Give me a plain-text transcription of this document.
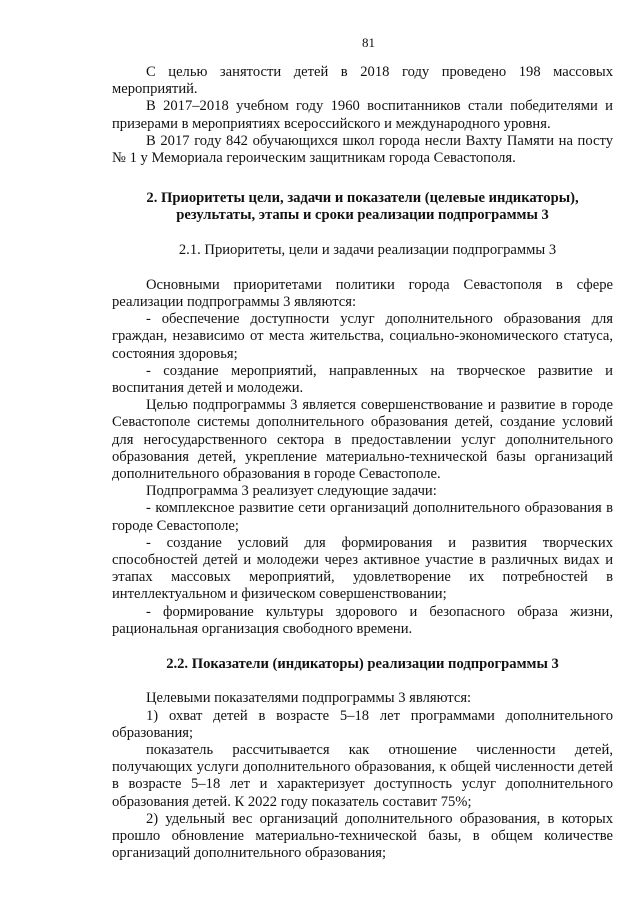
81

С целью занятости детей в 2018 году проведено 198 массовых мероприятий.

В 2017–2018 учебном году 1960 воспитанников стали победителями и призерами в мероприятиях всероссийского и международного уровня.

В 2017 году 842 обучающихся школ города несли Вахту Памяти на посту № 1 у Мемориала героическим защитникам города Севастополя.

2. Приоритеты цели, задачи и показатели (целевые индикаторы), результаты, этапы и сроки реализации подпрограммы 3
2.1. Приоритеты, цели и задачи реализации подпрограммы 3

Основными приоритетами политики города Севастополя в сфере реализации подпрограммы 3 являются:

- обеспечение доступности услуг дополнительного образования для граждан, независимо от места жительства, социально-экономического статуса, состояния здоровья;

- создание мероприятий, направленных на творческое развитие и воспитания детей и молодежи.

Целью подпрограммы 3 является совершенствование и развитие в городе Севастополе системы дополнительного образования детей, создание условий для негосударственного сектора в предоставлении услуг дополнительного образования детей, укрепление материально-технической базы организаций дополнительного образования в городе Севастополе.

Подпрограмма 3 реализует следующие задачи:

- комплексное развитие сети организаций дополнительного образования в городе Севастополе;

- создание условий для формирования и развития творческих способностей детей и молодежи через активное участие в различных видах и этапах массовых мероприятий, удовлетворение их потребностей в интеллектуальном и физическом совершенствовании;

- формирование культуры здорового и безопасного образа жизни, рациональная организация свободного времени.

2.2. Показатели (индикаторы) реализации подпрограммы 3

Целевыми показателями подпрограммы 3 являются:

1) охват детей в возрасте 5–18 лет программами дополнительного образования;

показатель рассчитывается как отношение численности детей, получающих услуги дополнительного образования, к общей численности детей в возрасте 5–18 лет и характеризует доступность услуг дополнительного образования детей. К 2022 году показатель составит 75%;

2) удельный вес организаций дополнительного образования, в которых прошло обновление материально-технической базы, в общем количестве организаций дополнительного образования;
